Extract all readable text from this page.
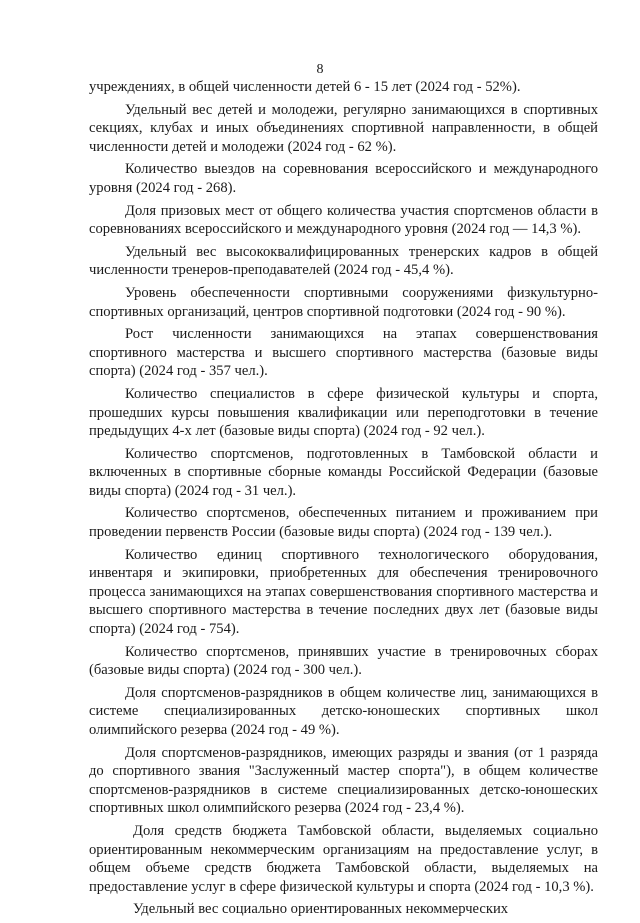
8

учреждениях, в общей численности детей 6 - 15 лет (2024 год - 52%).

Удельный вес детей и молодежи, регулярно занимающихся в спортивных секциях, клубах и иных объединениях спортивной направленности, в общей численности детей и молодежи (2024 год - 62 %).

Количество выездов на соревнования всероссийского и международного уровня (2024 год - 268).

Доля призовых мест от общего количества участия спортсменов области в соревнованиях всероссийского и международного уровня (2024 год — 14,3 %).

Удельный вес высококвалифицированных тренерских кадров в общей численности тренеров-преподавателей (2024 год - 45,4 %).

Уровень обеспеченности спортивными сооружениями физкультурно-спортивных организаций, центров спортивной подготовки (2024 год - 90 %).

Рост численности занимающихся на этапах совершенствования спортивного мастерства и высшего спортивного мастерства (базовые виды спорта) (2024 год - 357 чел.).

Количество специалистов в сфере физической культуры и спорта, прошедших курсы повышения квалификации или переподготовки в течение предыдущих 4-х лет (базовые виды спорта) (2024 год - 92 чел.).

Количество спортсменов, подготовленных в Тамбовской области и включенных в спортивные сборные команды Российской Федерации (базовые виды спорта) (2024 год - 31 чел.).

Количество спортсменов, обеспеченных питанием и проживанием при проведении первенств России (базовые виды спорта) (2024 год - 139 чел.).

Количество единиц спортивного технологического оборудования, инвентаря и экипировки, приобретенных для обеспечения тренировочного процесса занимающихся на этапах совершенствования спортивного мастерства и высшего спортивного мастерства в течение последних двух лет (базовые виды спорта) (2024 год - 754).

Количество спортсменов, принявших участие в тренировочных сборах (базовые виды спорта) (2024 год - 300 чел.).

Доля спортсменов-разрядников в общем количестве лиц, занимающихся в системе специализированных детско-юношеских спортивных школ олимпийского резерва (2024 год - 49 %).

Доля спортсменов-разрядников, имеющих разряды и звания (от 1 разряда до спортивного звания "Заслуженный мастер спорта"), в общем количестве спортсменов-разрядников в системе специализированных детско-юношеских спортивных школ олимпийского резерва (2024 год - 23,4 %).

Доля средств бюджета Тамбовской области, выделяемых социально ориентированным некоммерческим организациям на предоставление услуг, в общем объеме средств бюджета Тамбовской области, выделяемых на предоставление услуг в сфере физической культуры и спорта (2024 год - 10,3 %).

Удельный вес социально ориентированных некоммерческих
